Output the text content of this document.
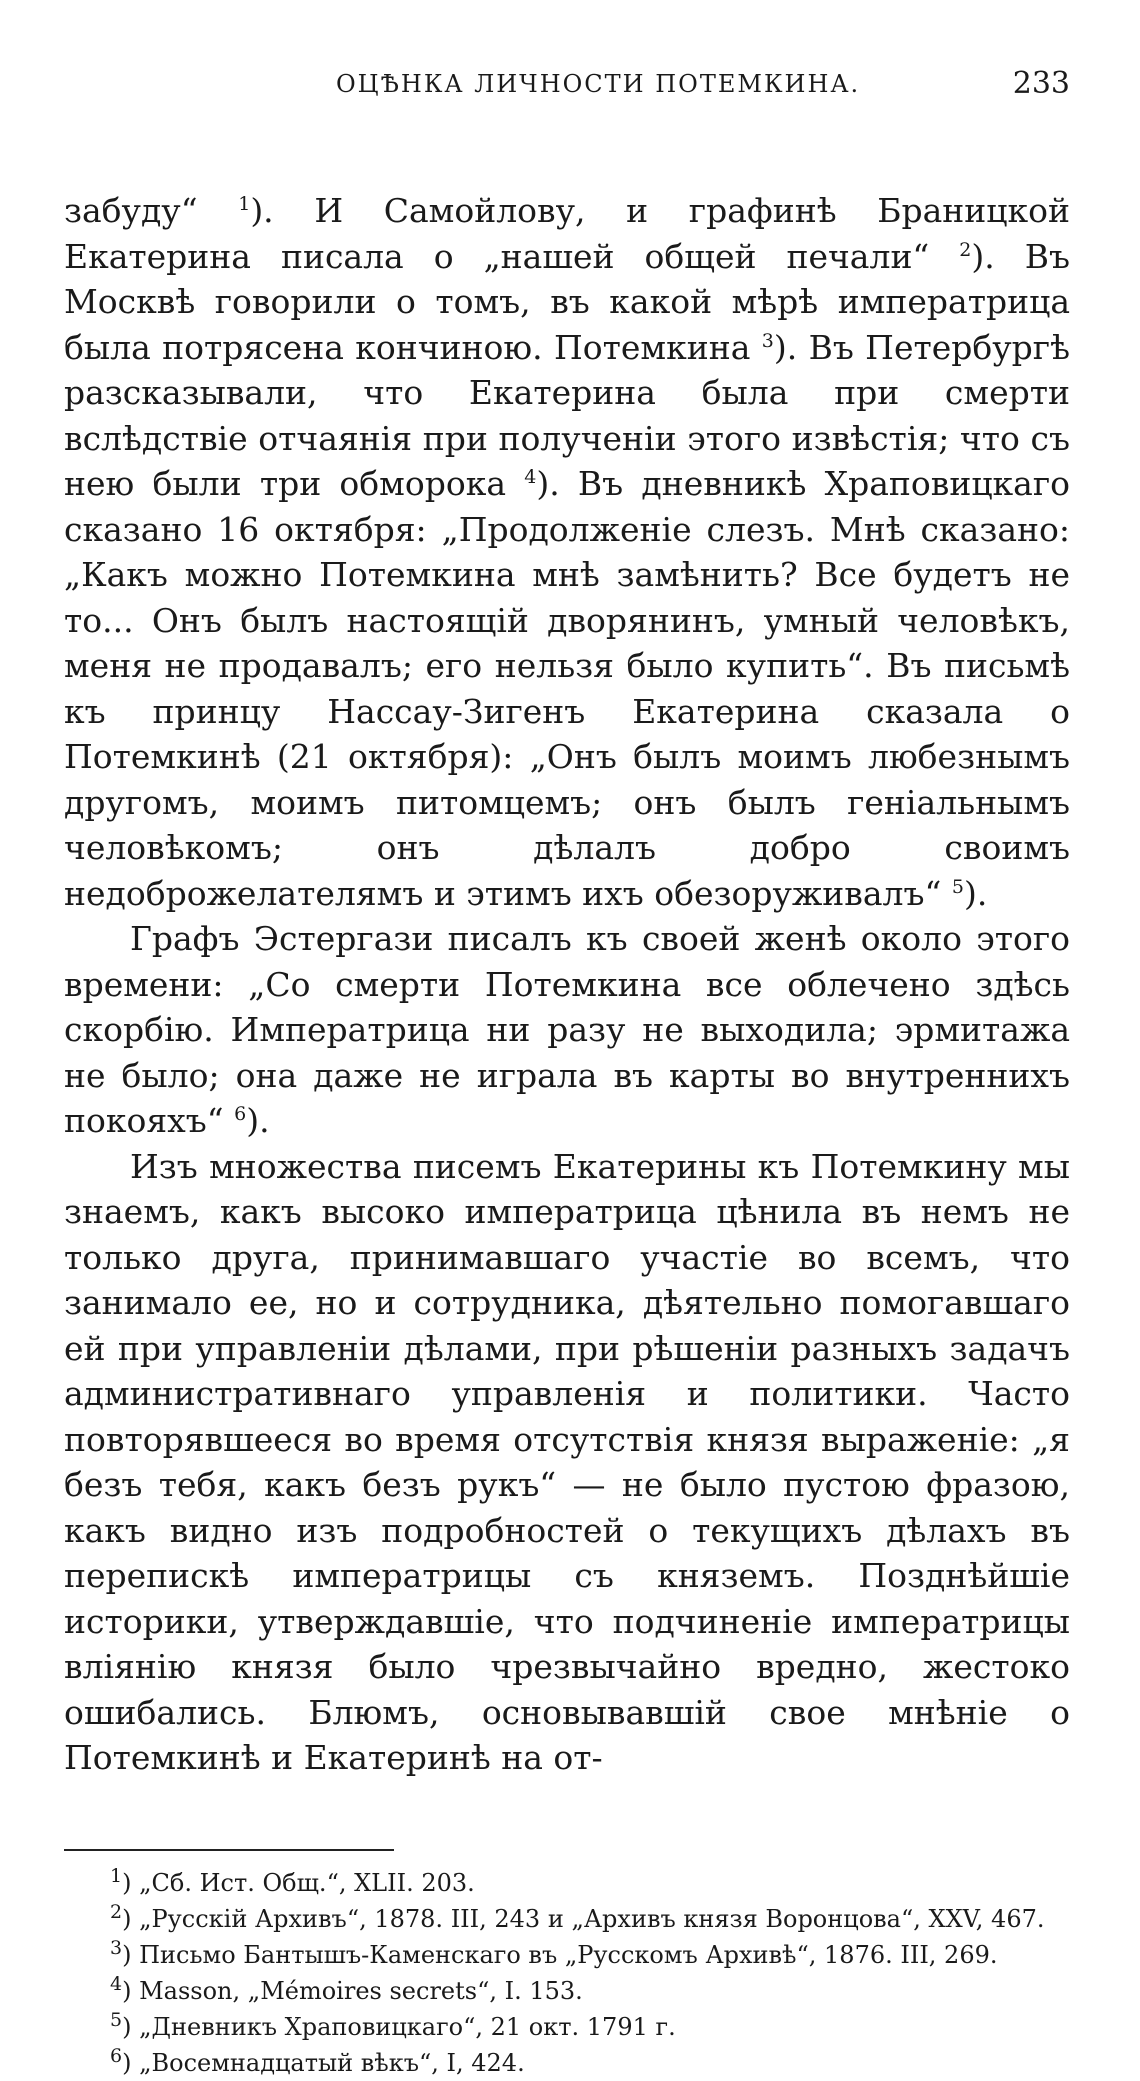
ОЦѢНКА ЛИЧНОСТИ ПОТЕМКИНА.	233

забуду“ $^1$). И Самойлову, и графинѣ Браницкой Екатерина писала о „нашей общей печали“ $^2$). Въ Москвѣ говорили о томъ, въ какой мѣрѣ императрица была потрясена кончиною. Потемкина $^3$). Въ Петербургѣ разсказывали, что Екатерина была при смерти вслѣдствіе отчаянія при полученіи этого извѣстія; что съ нею были три обморока $^4$). Въ дневникѣ Храповицкаго сказано 16 октября: „Продолженіе слезъ. Мнѣ сказано: „Какъ можно Потемкина мнѣ замѣнить? Все будетъ не то... Онъ былъ настоящій дворянинъ, умный человѣкъ, меня не продавалъ; его нельзя было купить“. Въ письмѣ къ принцу Нассау-Зигенъ Екатерина сказала о Потемкинѣ (21 октября): „Онъ былъ моимъ любезнымъ другомъ, моимъ питомцемъ; онъ былъ геніальнымъ человѣкомъ; онъ дѣлалъ добро своимъ недоброжелателямъ и этимъ ихъ обезоруживалъ“ $^5$).

Графъ Эстергази писалъ къ своей женѣ около этого времени: „Со смерти Потемкина все облечено здѣсь скорбію. Императрица ни разу не выходила; эрмитажа не было; она даже не играла въ карты во внутреннихъ покояхъ“ $^6$).

Изъ множества писемъ Екатерины къ Потемкину мы знаемъ, какъ высоко императрица цѣнила въ немъ не только друга, принимавшаго участіе во всемъ, что занимало ее, но и сотрудника, дѣятельно помогавшаго ей при управленіи дѣлами, при рѣшеніи разныхъ задачъ административнаго управленія и политики. Часто повторявшееся во время отсутствія князя выраженіе: „я безъ тебя, какъ безъ рукъ“ — не было пустою фразою, какъ видно изъ подробностей о текущихъ дѣлахъ въ перепискѣ императрицы съ княземъ. Позднѣйшіе историки, утверждавшіе, что подчиненіе императрицы вліянію князя было чрезвычайно вредно, жестоко ошибались. Блюмъ, основывавшій свое мнѣніе о Потемкинѣ и Екатеринѣ на от-

$^1$) „Сб. Ист. Общ.“, XLII. 203.
$^2$) „Русскій Архивъ“, 1878. III, 243 и „Архивъ князя Воронцова“, XXV, 467.
$^3$) Письмо Бантышъ-Каменскаго въ „Русскомъ Архивѣ“, 1876. III, 269.
$^4$) Masson, „Mémoires secrets“, I. 153.
$^5$) „Дневникъ Храповицкаго“, 21 окт. 1791 г.
$^6$) „Восемнадцатый вѣкъ“, I, 424.
